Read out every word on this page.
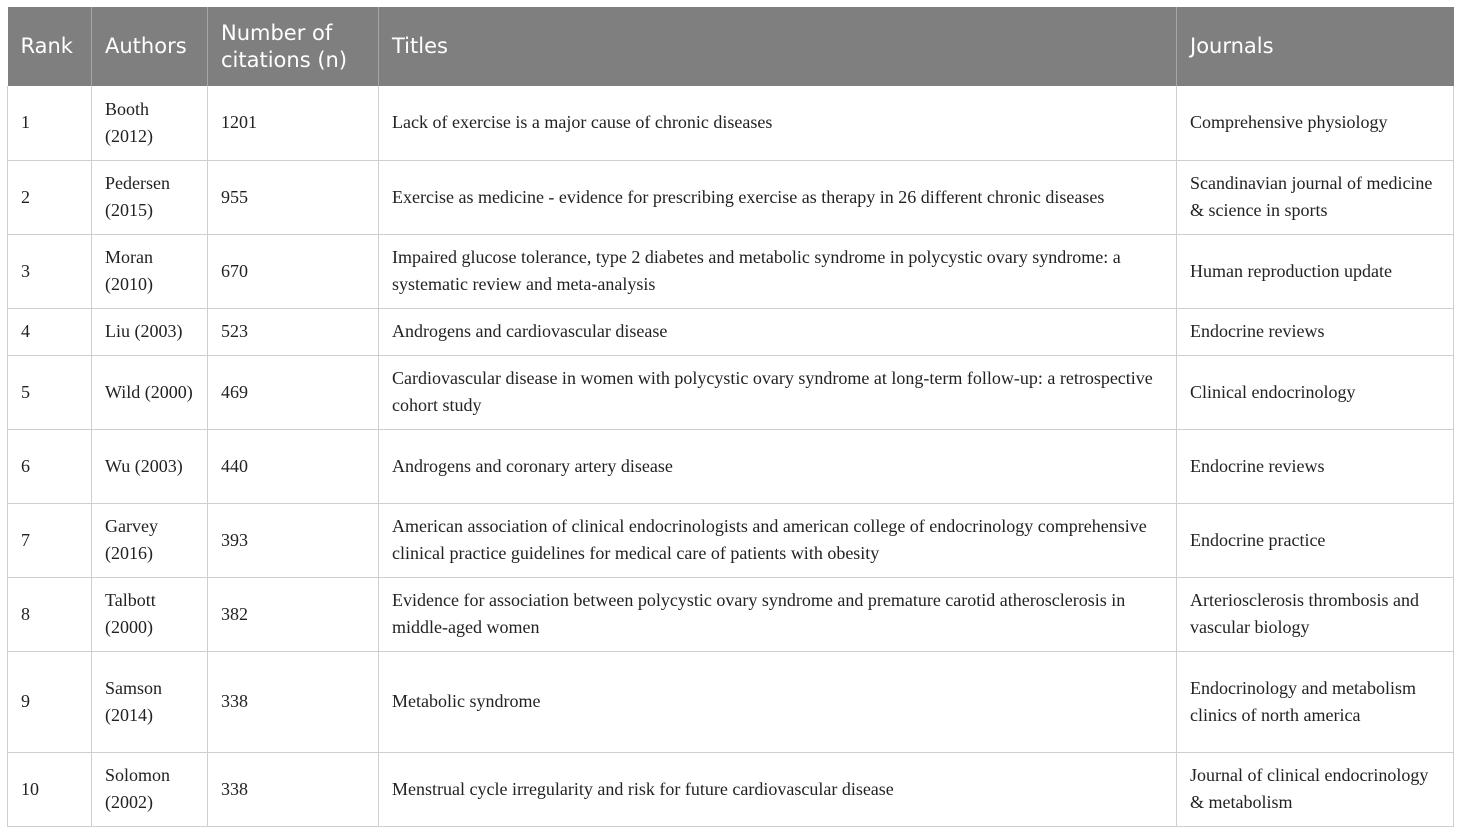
Rank	Authors	Number of citations (n)	Titles	Journals
1	Booth (2012)	1201	Lack of exercise is a major cause of chronic diseases	Comprehensive physiology
2	Pedersen (2015)	955	Exercise as medicine - evidence for prescribing exercise as therapy in 26 different chronic diseases	Scandinavian journal of medicine & science in sports
3	Moran (2010)	670	Impaired glucose tolerance, type 2 diabetes and metabolic syndrome in polycystic ovary syndrome: a systematic review and meta-analysis	Human reproduction update
4	Liu (2003)	523	Androgens and cardiovascular disease	Endocrine reviews
5	Wild (2000)	469	Cardiovascular disease in women with polycystic ovary syndrome at long-term follow-up: a retrospective cohort study	Clinical endocrinology
6	Wu (2003)	440	Androgens and coronary artery disease	Endocrine reviews
7	Garvey (2016)	393	American association of clinical endocrinologists and american college of endocrinology comprehensive clinical practice guidelines for medical care of patients with obesity	Endocrine practice
8	Talbott (2000)	382	Evidence for association between polycystic ovary syndrome and premature carotid atherosclerosis in middle-aged women	Arteriosclerosis thrombosis and vascular biology
9	Samson (2014)	338	Metabolic syndrome	Endocrinology and metabolism clinics of north america
10	Solomon (2002)	338	Menstrual cycle irregularity and risk for future cardiovascular disease	Journal of clinical endocrinology & metabolism
